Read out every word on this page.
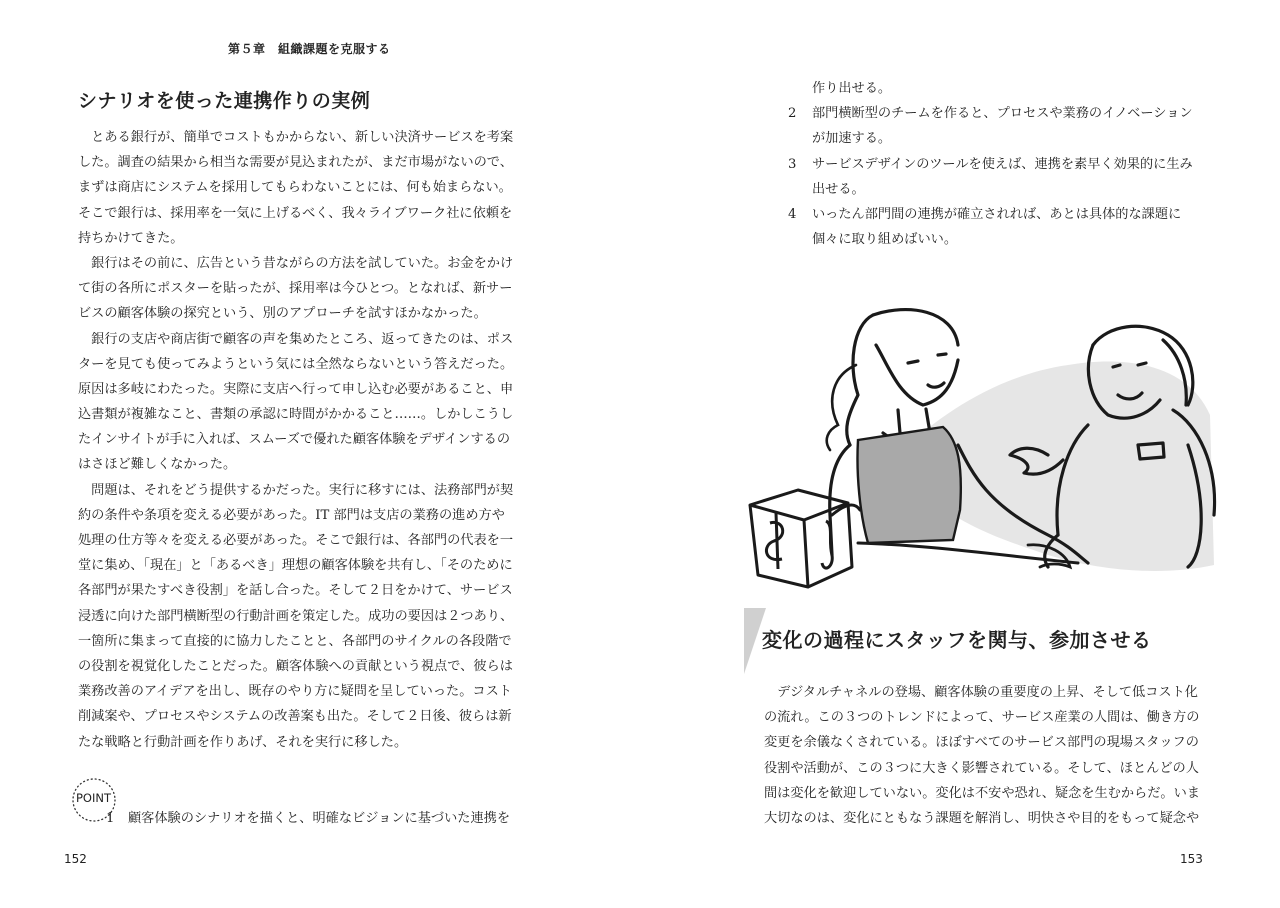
第５章　組織課題を克服する
シナリオを使った連携作りの実例
　とある銀行が、簡単でコストもかからない、新しい決済サービスを考案
した。調査の結果から相当な需要が見込まれたが、まだ市場がないので、
まずは商店にシステムを採用してもらわないことには、何も始まらない。
そこで銀行は、採用率を一気に上げるべく、我々ライブワーク社に依頼を
持ちかけてきた。
　銀行はその前に、広告という昔ながらの方法を試していた。お金をかけ
て街の各所にポスターを貼ったが、採用率は今ひとつ。となれば、新サー
ビスの顧客体験の探究という、別のアプローチを試すほかなかった。
　銀行の支店や商店街で顧客の声を集めたところ、返ってきたのは、ポス
ターを見ても使ってみようという気には全然ならないという答えだった。
原因は多岐にわたった。実際に支店へ行って申し込む必要があること、申
込書類が複雑なこと、書類の承認に時間がかかること……。しかしこうし
たインサイトが手に入れば、スムーズで優れた顧客体験をデザインするの
はさほど難しくなかった。
　問題は、それをどう提供するかだった。実行に移すには、法務部門が契
約の条件や条項を変える必要があった。IT 部門は支店の業務の進め方や
処理の仕方等々を変える必要があった。そこで銀行は、各部門の代表を一
堂に集め、「現在」と「あるべき」理想の顧客体験を共有し、「そのために
各部門が果たすべき役割」を話し合った。そして２日をかけて、サービス
浸透に向けた部門横断型の行動計画を策定した。成功の要因は２つあり、
一箇所に集まって直接的に協力したことと、各部門のサイクルの各段階で
の役割を視覚化したことだった。顧客体験への貢献という視点で、彼らは
業務改善のアイデアを出し、既存のやり方に疑問を呈していった。コスト
削減案や、プロセスやシステムの改善案も出た。そして２日後、彼らは新
たな戦略と行動計画を作りあげ、それを実行に移した。
POINT
1 顧客体験のシナリオを描くと、明確なビジョンに基づいた連携を
152
作り出せる。
2 部門横断型のチームを作ると、プロセスや業務のイノベーション
が加速する。
3 サービスデザインのツールを使えば、連携を素早く効果的に生み
出せる。
4 いったん部門間の連携が確立されれば、あとは具体的な課題に
個々に取り組めばいい。
変化の過程にスタッフを関与、参加させる
　デジタルチャネルの登場、顧客体験の重要度の上昇、そして低コスト化
の流れ。この３つのトレンドによって、サービス産業の人間は、働き方の
変更を余儀なくされている。ほぼすべてのサービス部門の現場スタッフの
役割や活動が、この３つに大きく影響されている。そして、ほとんどの人
間は変化を歓迎していない。変化は不安や恐れ、疑念を生むからだ。いま
大切なのは、変化にともなう課題を解消し、明快さや目的をもって疑念や
153
